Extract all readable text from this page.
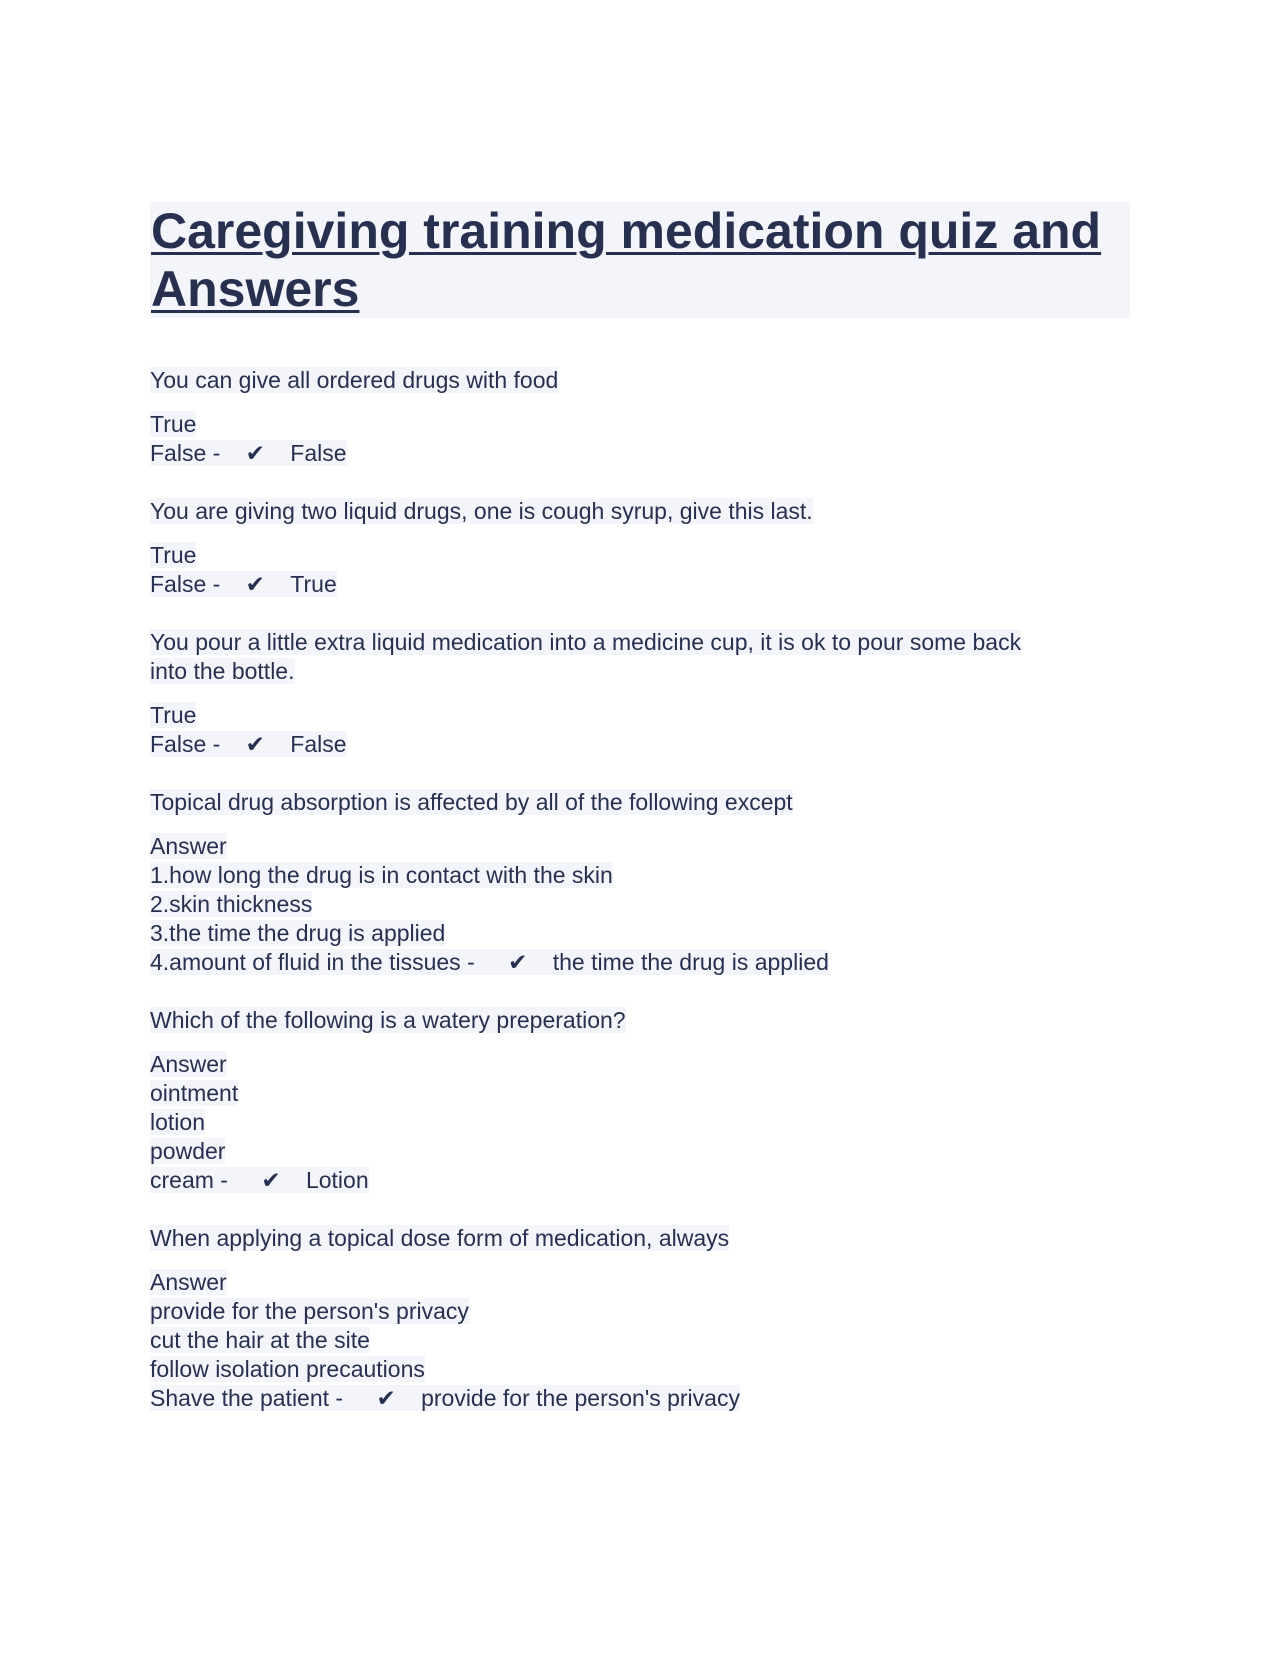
Caregiving training medication quiz and Answers

You can give all ordered drugs with food

True

False - ✔ False

You are giving two liquid drugs, one is cough syrup, give this last.

True

False - ✔ True

You pour a little extra liquid medication into a medicine cup, it is ok to pour some back
into the bottle.

True

False - ✔ False

Topical drug absorption is affected by all of the following except

Answer

1.how long the drug is in contact with the skin

2.skin thickness

3.the time the drug is applied

4.amount of fluid in the tissues - ✔ the time the drug is applied

Which of the following is a watery preperation?

Answer

ointment

lotion

powder

cream - ✔ Lotion

When applying a topical dose form of medication, always

Answer

provide for the person's privacy

cut the hair at the site

follow isolation precautions

Shave the patient - ✔ provide for the person's privacy
